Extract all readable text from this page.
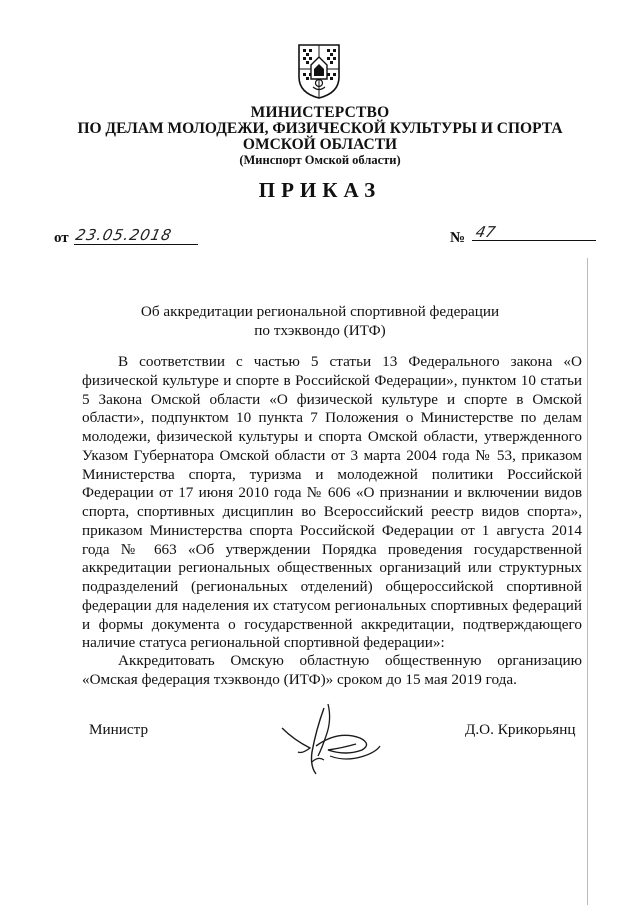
МИНИСТЕРСТВО
ПО ДЕЛАМ МОЛОДЕЖИ, ФИЗИЧЕСКОЙ КУЛЬТУРЫ И СПОРТА
ОМСКОЙ ОБЛАСТИ
(Минспорт Омской области)
ПРИКАЗ
от 23.05.2018	№ 47
Об аккредитации региональной спортивной федерации
по тхэквондо (ИТФ)

В соответствии с частью 5 статьи 13 Федерального закона «О физической культуре и спорте в Российской Федерации», пунктом 10 статьи 5 Закона Омской области «О физической культуре и спорте в Омской области», подпунктом 10 пункта 7 Положения о Министерстве по делам молодежи, физической культуры и спорта Омской области, утвержденного Указом Губернатора Омской области от 3 марта 2004 года № 53, приказом Министерства спорта, туризма и молодежной политики Российской Федерации от 17 июня 2010 года № 606 «О признании и включении видов спорта, спортивных дисциплин во Всероссийский реестр видов спорта», приказом Министерства спорта Российской Федерации от 1 августа 2014 года № 663 «Об утверждении Порядка проведения государственной аккредитации региональных общественных организаций или структурных подразделений (региональных отделений) общероссийской спортивной федерации для наделения их статусом региональных спортивных федераций и формы документа о государственной аккредитации, подтверждающего наличие статуса региональной спортивной федерации»:

Аккредитовать Омскую областную общественную организацию «Омская федерация тхэквондо (ИТФ)» сроком до 15 мая 2019 года.

Министр	Д.О. Крикорьянц
